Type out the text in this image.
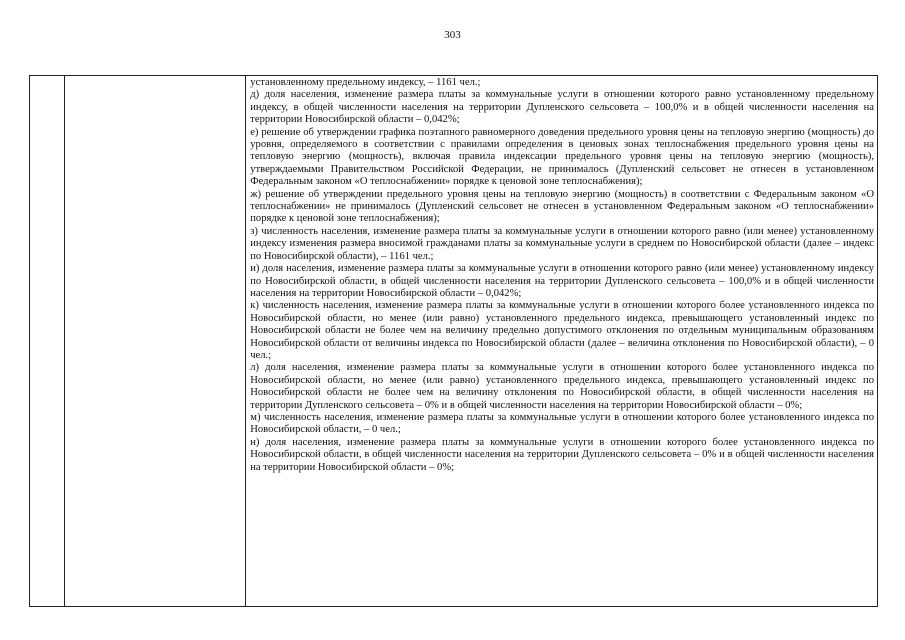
303

установленному предельному индексу, – 1161 чел.;

д) доля населения, изменение размера платы за коммунальные услуги в отношении которого равно установленному предельному индексу, в общей численности населения на территории Дупленского сельсовета – 100,0% и в общей численности населения на территории Новосибирской области – 0,042%;

е) решение об утверждении графика поэтапного равномерного доведения предельного уровня цены на тепловую энергию (мощность) до уровня, определяемого в соответствии с правилами определения в ценовых зонах теплоснабжения предельного уровня цены на тепловую энергию (мощность), включая правила индексации предельного уровня цены на тепловую энергию (мощность), утверждаемыми Правительством Российской Федерации, не принималось (Дупленский сельсовет не отнесен в установленном Федеральным законом «О теплоснабжении» порядке к ценовой зоне теплоснабжения);

ж) решение об утверждении предельного уровня цены на тепловую энергию (мощность) в соответствии с Федеральным законом «О теплоснабжении» не принималось (Дупленский сельсовет не отнесен в установленном Федеральным законом «О теплоснабжении» порядке к ценовой зоне теплоснабжения);

з) численность населения, изменение размера платы за коммунальные услуги в отношении которого равно (или менее) установленному индексу изменения размера вносимой гражданами платы за коммунальные услуги в среднем по Новосибирской области (далее – индекс по Новосибирской области), – 1161 чел.;

и) доля населения, изменение размера платы за коммунальные услуги в отношении которого равно (или менее) установленному индексу по Новосибирской области, в общей численности населения на территории Дупленского сельсовета – 100,0% и в общей численности населения на территории Новосибирской области – 0,042%;

к) численность населения, изменение размера платы за коммунальные услуги в отношении которого более установленного индекса по Новосибирской области, но менее (или равно) установленного предельного индекса, превышающего установленный индекс по Новосибирской области не более чем на величину предельно допустимого отклонения по отдельным муниципальным образованиям Новосибирской области от величины индекса по Новосибирской области (далее – величина отклонения по Новосибирской области), – 0 чел.;

л) доля населения, изменение размера платы за коммунальные услуги в отношении которого более установленного индекса по Новосибирской области, но менее (или равно) установленного предельного индекса, превышающего установленный индекс по Новосибирской области не более чем на величину отклонения по Новосибирской области, в общей численности населения на территории Дупленского сельсовета – 0% и в общей численности населения на территории Новосибирской области – 0%;

м) численность населения, изменение размера платы за коммунальные услуги в отношении которого более установленного индекса по Новосибирской области, – 0 чел.;

н) доля населения, изменение размера платы за коммунальные услуги в отношении которого более установленного индекса по Новосибирской области, в общей численности населения на территории Дупленского сельсовета – 0% и в общей численности населения на территории Новосибирской области – 0%;
